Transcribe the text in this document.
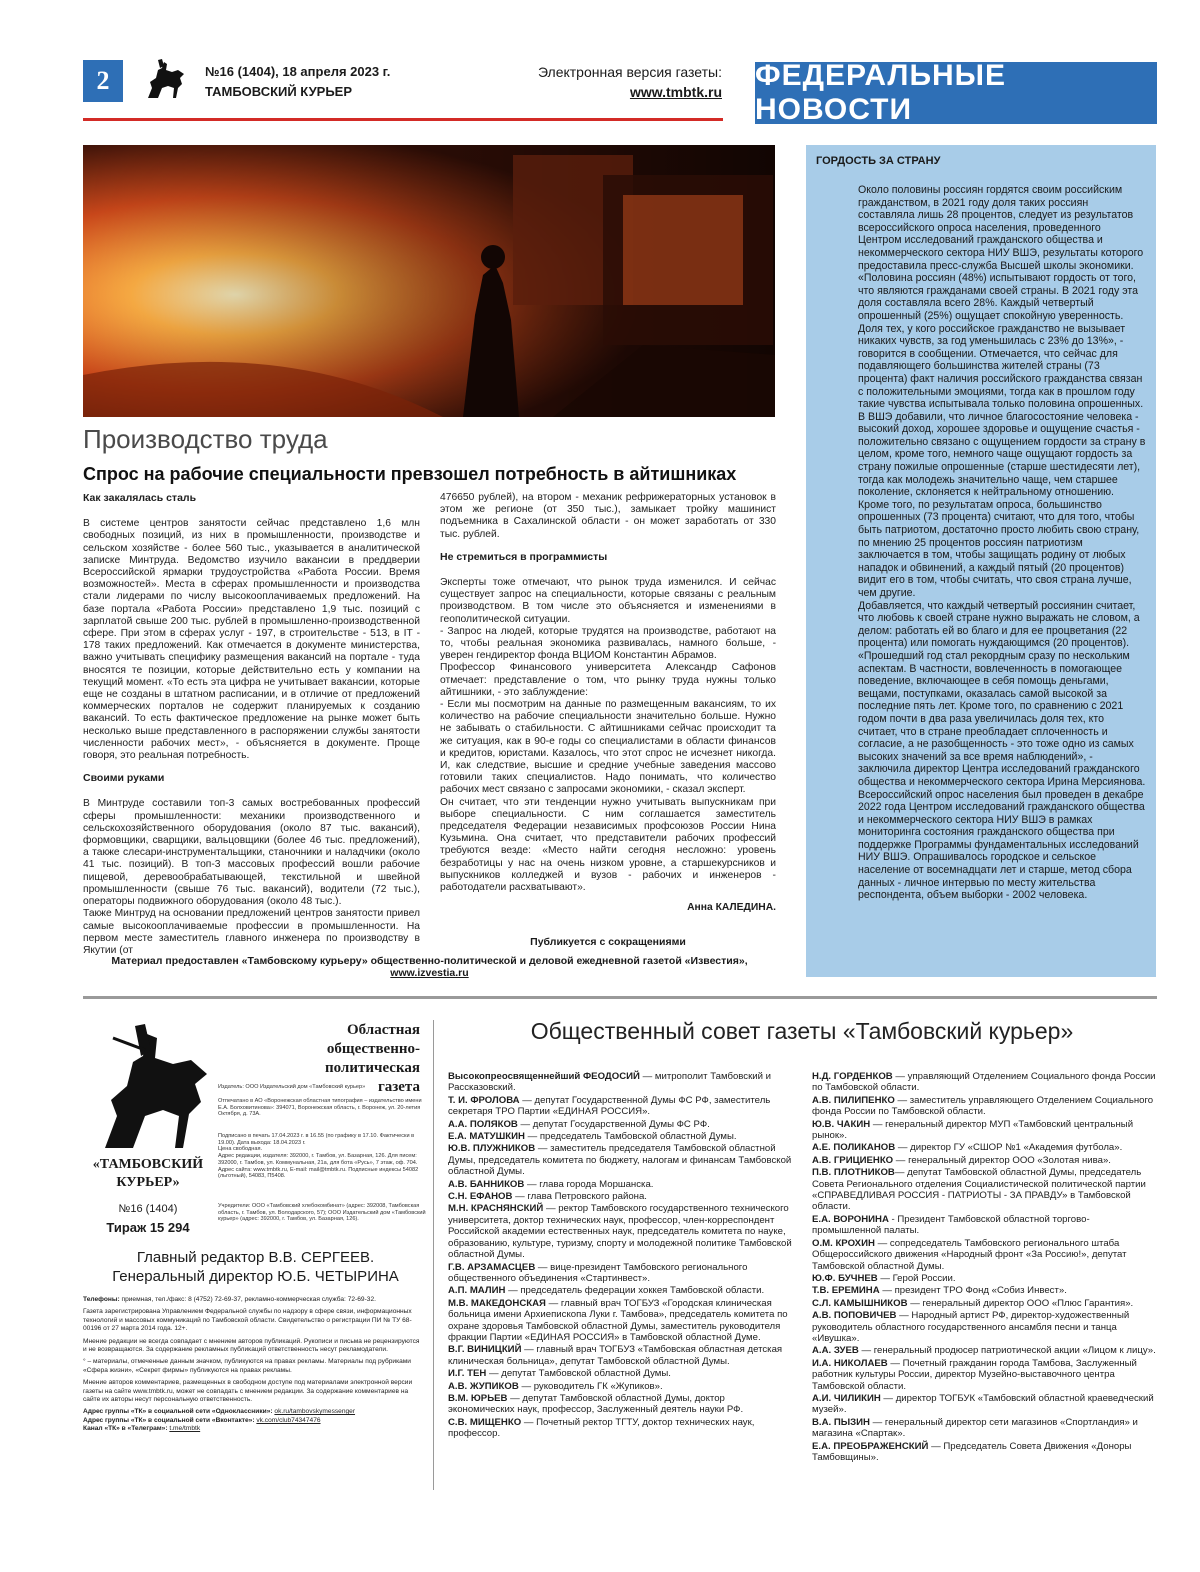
2	№16 (1404), 18 апреля 2023 г.
ТАМБОВСКИЙ КУРЬЕР
Электронная версия газеты:
www.tmbtk.ru ФЕДЕРАЛЬНЫЕ НОВОСТИ
Производство труда
Спрос на рабочие специальности превзошел потребность в айтишниках
Как закалялась сталь

В системе центров занятости сейчас представлено 1,6 млн свободных позиций, из них в промышленности, производстве и сельском хозяйстве - более 560 тыс., указывается в аналитической записке Минтруда. Ведомство изучило вакансии в преддверии Всероссийской ярмарки трудоустройства «Работа России. Время возможностей». Места в сферах промышленности и производства стали лидерами по числу высокооплачиваемых предложений. На базе портала «Работа России» представлено 1,9 тыс. позиций с зарплатой свыше 200 тыс. рублей в промышленно-производственной сфере. При этом в сферах услуг - 197, в строительстве - 513, в IT - 178 таких предложений. Как отмечается в документе министерства, важно учитывать специфику размещения вакансий на портале - туда вносятся те позиции, которые действительно есть у компании на текущий момент. «То есть эта цифра не учитывает вакансии, которые еще не созданы в штатном расписании, и в отличие от предложений коммерческих порталов не содержит планируемых к созданию вакансий. То есть фактическое предложение на рынке может быть несколько выше представленного в распоряжении службы занятости численности рабочих мест», - объясняется в документе. Проще говоря, это реальная потребность.

Своими руками

В Минтруде составили топ-3 самых востребованных профессий сферы промышленности: механики производственного и сельскохозяйственного оборудования (около 87 тыс. вакансий), формовщики, сварщики, вальцовщики (более 46 тыс. предложений), а также слесари-инструментальщики, станочники и наладчики (около 41 тыс. позиций). В топ-3 массовых профессий вошли рабочие пищевой, деревообрабатывающей, текстильной и швейной промышленности (свыше 76 тыс. вакансий), водители (72 тыс.), операторы подвижного оборудования (около 48 тыс.).

Также Минтруд на основании предложений центров занятости привел самые высокооплачиваемые профессии в промышленности. На первом месте заместитель главного инженера по производству в Якутии (от

476650 рублей), на втором - механик рефрижераторных установок в этом же регионе (от 350 тыс.), замыкает тройку машинист подъемника в Сахалинской области - он может заработать от 330 тыс. рублей.

Не стремиться в программисты

Эксперты тоже отмечают, что рынок труда изменился. И сейчас существует запрос на специальности, которые связаны с реальным производством. В том числе это объясняется и изменениями в геополитической ситуации.

- Запрос на людей, которые трудятся на производстве, работают на то, чтобы реальная экономика развивалась, намного больше, - уверен гендиректор фонда ВЦИОМ Константин Абрамов.

Профессор Финансового университета Александр Сафонов отмечает: представление о том, что рынку труда нужны только айтишники, - это заблуждение:

- Если мы посмотрим на данные по размещенным вакансиям, то их количество на рабочие специальности значительно больше. Нужно не забывать о стабильности. С айтишниками сейчас происходит та же ситуация, как в 90-е годы со специалистами в области финансов и кредитов, юристами. Казалось, что этот спрос не исчезнет никогда. И, как следствие, высшие и средние учебные заведения массово готовили таких специалистов. Надо понимать, что количество рабочих мест связано с запросами экономики, - сказал эксперт.

Он считает, что эти тенденции нужно учитывать выпускникам при выборе специальности. С ним соглашается заместитель председателя Федерации независимых профсоюзов России Нина Кузьмина. Она считает, что представители рабочих профессий требуются везде: «Место найти сегодня несложно: уровень безработицы у нас на очень низком уровне, а старшекурсников и выпускников колледжей и вузов - рабочих и инженеров - работодатели расхватывают».

Анна КАЛЕДИНА.
Публикуется с сокращениями
Материал предоставлен «Тамбовскому курьеру» общественно-политической и деловой ежедневной газетой «Известия»,
www.izvestia.ru
ГОРДОСТЬ ЗА СТРАНУ

Около половины россиян гордятся своим российским гражданством, в 2021 году доля таких россиян составляла лишь 28 процентов, следует из результатов всероссийского опроса населения, проведенного Центром исследований гражданского общества и некоммерческого сектора НИУ ВШЭ, результаты которого предоставила пресс-служба Высшей школы экономики.

«Половина россиян (48%) испытывают гордость от того, что являются гражданами своей страны. В 2021 году эта доля составляла всего 28%. Каждый четвертый опрошенный (25%) ощущает спокойную уверенность. Доля тех, у кого российское гражданство не вызывает никаких чувств, за год уменьшилась с 23% до 13%», - говорится в сообщении. Отмечается, что сейчас для подавляющего большинства жителей страны (73 процента) факт наличия российского гражданства связан с положительными эмоциями, тогда как в прошлом году такие чувства испытывала только половина опрошенных.

В ВШЭ добавили, что личное благосостояние человека - высокий доход, хорошее здоровье и ощущение счастья - положительно связано с ощущением гордости за страну в целом, кроме того, немного чаще ощущают гордость за страну пожилые опрошенные (старше шестидесяти лет), тогда как молодежь значительно чаще, чем старшее поколение, склоняется к нейтральному отношению.

Кроме того, по результатам опроса, большинство опрошенных (73 процента) считают, что для того, чтобы быть патриотом, достаточно просто любить свою страну, по мнению 25 процентов россиян патриотизм заключается в том, чтобы защищать родину от любых нападок и обвинений, а каждый пятый (20 процентов) видит его в том, чтобы считать, что своя страна лучше, чем другие.

Добавляется, что каждый четвертый россиянин считает, что любовь к своей стране нужно выражать не словом, а делом: работать ей во благо и для ее процветания (22 процента) или помогать нуждающимся (20 процентов).

«Прошедший год стал рекордным сразу по нескольким аспектам. В частности, вовлеченность в помогающее поведение, включающее в себя помощь деньгами, вещами, поступками, оказалась самой высокой за последние пять лет. Кроме того, по сравнению с 2021 годом почти в два раза увеличилась доля тех, кто считает, что в стране преобладает сплоченность и согласие, а не разобщенность - это тоже одно из самых высоких значений за все время наблюдений», - заключила директор Центра исследований гражданского общества и некоммерческого сектора Ирина Мерсиянова.

Всероссийский опрос населения был проведен в декабре 2022 года Центром исследований гражданского общества и некоммерческого сектора НИУ ВШЭ в рамках мониторинга состояния гражданского общества при поддержке Программы фундаментальных исследований НИУ ВШЭ. Опрашивалось городское и сельское население от восемнадцати лет и старше, метод сбора данных - личное интервью по месту жительства респондента, объем выборки - 2002 человека.

Областная
общественно-
политическая газета
«ТАМБОВСКИЙ
КУРЬЕР»
№16 (1404)
Тираж 15 294

Издатель: ООО Издательский дом «Тамбовский курьер»

Отпечатано в АО «Воронежская областная типография – издательство имени Е.А. Болховитинова»: 394071, Воронежская область, г. Воронеж, ул. 20-летия Октября, д. 73А.

Подписано в печать 17.04.2023 г. в 16.55 (по графику в 17.10. Фактически в 19.00). Дата выхода: 18.04.2023 г.

Цена свободная.

Адрес редакции, издателя: 392000, г. Тамбов, ул. Базарная, 126. Для писем: 392000, г. Тамбов, ул. Коммунальная, 21а, для бота «Русь», 7 этаж, оф. 704. Адрес сайта: www.tmbtk.ru, E-mail: mail@tmbtk.ru. Подписные индексы 54082 (льготный), 54083, П5408.

Учредители: ООО «Тамбовский хлебокомбинат» (адрес: 392008, Тамбовская область, г. Тамбов, ул. Володарского, 57); ООО Издательский дом «Тамбовский курьер» (адрес: 392000, г. Тамбов, ул. Базарная, 126).

Главный редактор В.В. СЕРГЕЕВ.
Генеральный директор Ю.Б. ЧЕТЫРИНА

Телефоны: приемная, тел./факс: 8 (4752) 72-69-37, рекламно-коммерческая служба: 72-69-32.

Газета зарегистрирована Управлением Федеральной службы по надзору в сфере связи, информационных технологий и массовых коммуникаций по Тамбовской области. Свидетельство о регистрации ПИ № ТУ 68-00196 от 27 марта 2014 года. 12+.

Мнение редакции не всегда совпадает с мнением авторов публикаций. Рукописи и письма не рецензируются и не возвращаются. За содержание рекламных публикаций ответственность несут рекламодатели.

° – материалы, отмеченные данным значком, публикуются на правах рекламы. Материалы под рубриками «Сфера жизни», «Секрет фирмы» публикуются на правах рекламы.

Мнение авторов комментариев, размещенных в свободном доступе под материалами электронной версии газеты на сайте www.tmbtk.ru, может не совпадать с мнением редакции. За содержание комментариев на сайте их авторы несут персональную ответственность.

Адрес группы «ТК» в социальной сети «Одноклассники»: ok.ru/tambovskymessenger

Адрес группы «ТК» в социальной сети «Вконтакте»: vk.com/club74347476

Канал «ТК» в «Телеграм»: t.me/tmbtk

Общественный совет газеты «Тамбовский курьер»

Высокопреосвященнейший ФЕОДОСИЙ — митрополит Тамбовский и Рассказовский.

Т. И. ФРОЛОВА — депутат Государственной Думы ФС РФ, заместитель секретаря ТРО Партии «ЕДИНАЯ РОССИЯ».

А.А. ПОЛЯКОВ — депутат Государственной Думы ФС РФ.

Е.А. МАТУШКИН — председатель Тамбовской областной Думы.

Ю.В. ПЛУЖНИКОВ — заместитель председателя Тамбовской областной Думы, председатель комитета по бюджету, налогам и финансам Тамбовской областной Думы.

А.В. БАННИКОВ — глава города Моршанска.

С.Н. ЕФАНОВ — глава Петровского района.

М.Н. КРАСНЯНСКИЙ — ректор Тамбовского государственного технического университета, доктор технических наук, профессор, член-корреспондент Российской академии естественных наук, председатель комитета по науке, образованию, культуре, туризму, спорту и молодежной политике Тамбовской областной Думы.

Г.В. АРЗАМАСЦЕВ — вице-президент Тамбовского регионального общественного объединения «Стартинвест».

А.П. МАЛИН — председатель федерации хоккея Тамбовской области.

М.В. МАКЕДОНСКАЯ — главный врач ТОГБУЗ «Городская клиническая больница имени Архиепископа Луки г. Тамбова», председатель комитета по охране здоровья Тамбовской областной Думы, заместитель руководителя фракции Партии «ЕДИНАЯ РОССИЯ» в Тамбовской областной Думе.

В.Г. ВИНИЦКИЙ — главный врач ТОГБУЗ «Тамбовская областная детская клиническая больница», депутат Тамбовской областной Думы.

И.Г. ТЕН — депутат Тамбовской областной Думы.

А.В. ЖУПИКОВ — руководитель ГК «Жупиков».

В.М. ЮРЬЕВ — депутат Тамбовской областной Думы, доктор экономических наук, профессор, Заслуженный деятель науки РФ.

С.В. МИЩЕНКО — Почетный ректор ТГТУ, доктор технических наук, профессор.

Н.Д. ГОРДЕНКОВ — управляющий Отделением Социального фонда России по Тамбовской области.

А.В. ПИЛИПЕНКО — заместитель управляющего Отделением Социального фонда России по Тамбовской области.

Ю.В. ЧАКИН — генеральный директор МУП «Тамбовский центральный рынок».

А.Е. ПОЛИКАНОВ — директор ГУ «СШОР №1 «Академия футбола».

А.В. ГРИЦИЕНКО — генеральный директор ООО «Золотая нива».

П.В. ПЛОТНИКОВ— депутат Тамбовской областной Думы, председатель Совета Регионального отделения Социалистической политической партии «СПРАВЕДЛИВАЯ РОССИЯ - ПАТРИОТЫ - ЗА ПРАВДУ» в Тамбовской области.

Е.А. ВОРОНИНА - Президент Тамбовской областной торгово-промышленной палаты.

О.М. КРОХИН — сопредседатель Тамбовского регионального штаба Общероссийского движения «Народный фронт «За Россию!», депутат Тамбовской областной Думы.

Ю.Ф. БУЧНЕВ — Герой России.

Т.В. ЕРЕМИНА — президент ТРО Фонд «Собиз Инвест».

С.Л. КАМЫШНИКОВ — генеральный директор ООО «Плюс Гарантия».

А.В. ПОПОВИЧЕВ — Народный артист РФ, директор-художественный руководитель областного государственного ансамбля песни и танца «Ивушка».

А.А. ЗУЕВ — генеральный продюсер патриотической акции «Лицом к лицу».

И.А. НИКОЛАЕВ — Почетный гражданин города Тамбова, Заслуженный работник культуры России, директор Музейно-выставочного центра Тамбовской области.

А.И. ЧИЛИКИН — директор ТОГБУК «Тамбовский областной краеведческий музей».

В.А. ПЫЗИН — генеральный директор сети магазинов «Спортландия» и магазина «Спартак».

Е.А. ПРЕОБРАЖЕНСКИЙ — Председатель Совета Движения «Доноры Тамбовщины».
